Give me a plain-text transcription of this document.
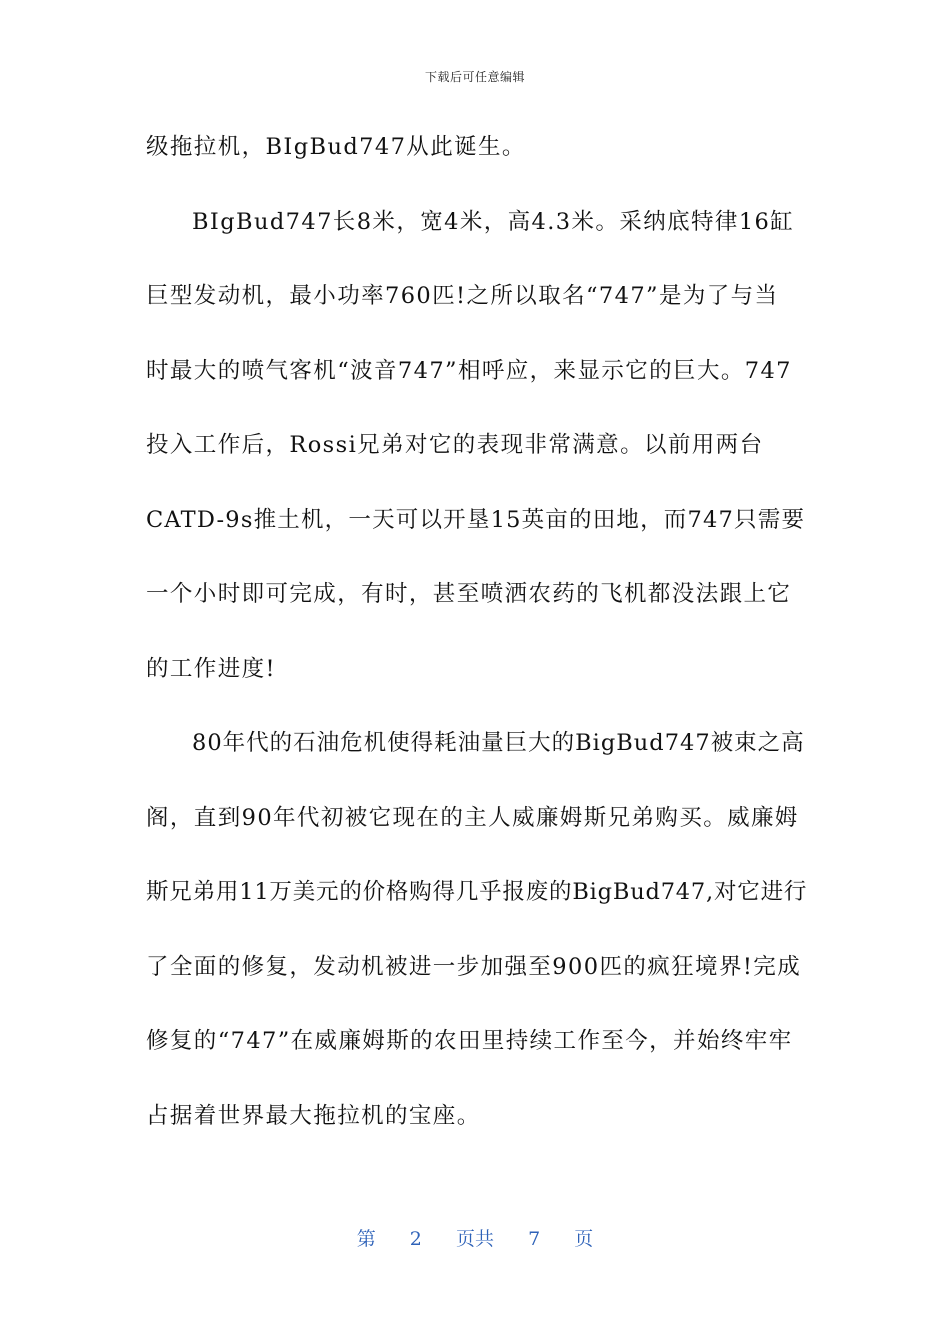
下载后可任意编辑
级拖拉机，BIgBud747从此诞生。
BIgBud747长8米，宽4米，高4.3米。采纳底特律16缸
巨型发动机，最小功率760匹!之所以取名“747”是为了与当
时最大的喷气客机“波音747”相呼应，来显示它的巨大。747
投入工作后，Rossi兄弟对它的表现非常满意。以前用两台
CATD-9s推土机，一天可以开垦15英亩的田地，而747只需要
一个小时即可完成，有时，甚至喷洒农药的飞机都没法跟上它
的工作进度!
80年代的石油危机使得耗油量巨大的BigBud747被束之高
阁，直到90年代初被它现在的主人威廉姆斯兄弟购买。威廉姆
斯兄弟用11万美元的价格购得几乎报废的BigBud747,对它进行
了全面的修复，发动机被进一步加强至900匹的疯狂境界!完成
修复的“747”在威廉姆斯的农田里持续工作至今，并始终牢牢
占据着世界最大拖拉机的宝座。
第 2 页共 7 页
